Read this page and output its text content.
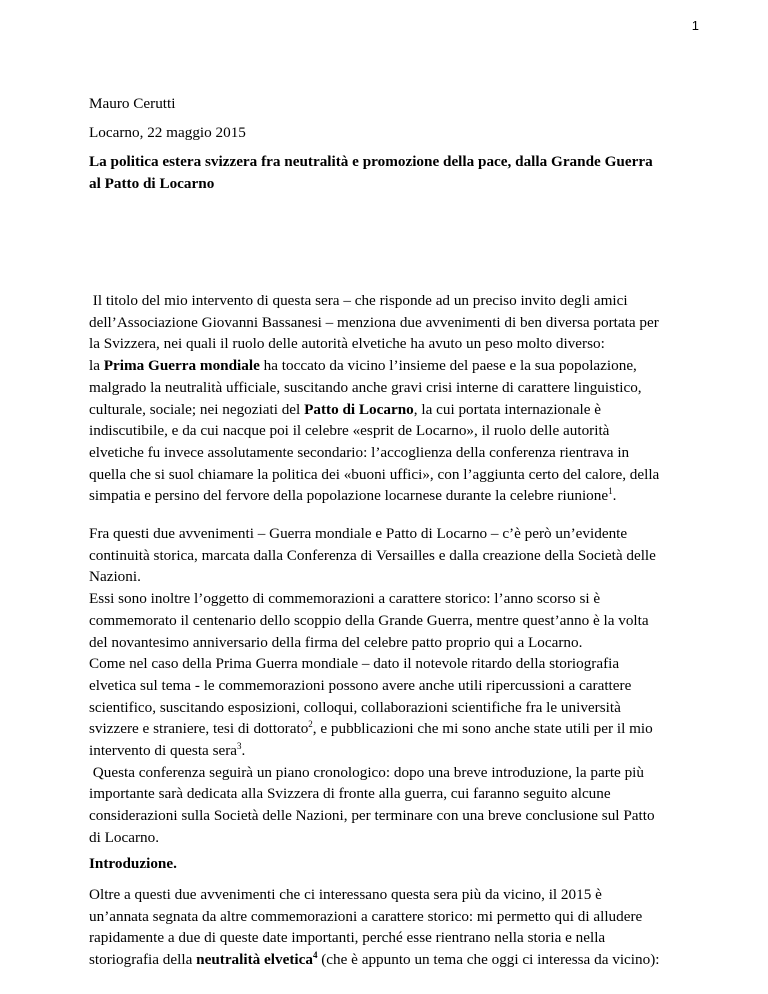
1
Mauro Cerutti
Locarno, 22 maggio 2015
La politica estera svizzera fra neutralità e promozione della pace, dalla Grande Guerra
al Patto di Locarno
Il titolo del mio intervento di questa sera – che risponde ad un preciso invito degli amici
dell’Associazione Giovanni Bassanesi – menziona due avvenimenti di ben diversa portata per
la Svizzera, nei quali il ruolo delle autorità elvetiche ha avuto un peso molto diverso:
la Prima Guerra mondiale ha toccato da vicino l’insieme del paese e la sua popolazione,
malgrado la neutralità ufficiale, suscitando anche gravi crisi interne di carattere linguistico,
culturale, sociale; nei negoziati del Patto di Locarno, la cui portata internazionale è
indiscutibile, e da cui nacque poi il celebre «esprit de Locarno», il ruolo delle autorità
elvetiche fu invece assolutamente secondario: l’accoglienza della conferenza rientrava in
quella che si suol chiamare la politica dei «buoni uffici», con l’aggiunta certo del calore, della
simpatia e persino del fervore della popolazione locarnese durante la celebre riunione$^1$.
Fra questi due avvenimenti – Guerra mondiale e Patto di Locarno – c’è però un’evidente
continuità storica, marcata dalla Conferenza di Versailles e dalla creazione della Società delle
Nazioni.
Essi sono inoltre l’oggetto di commemorazioni a carattere storico: l’anno scorso si è
commemorato il centenario dello scoppio della Grande Guerra, mentre quest’anno è la volta
del novantesimo anniversario della firma del celebre patto proprio qui a Locarno.
Come nel caso della Prima Guerra mondiale – dato il notevole ritardo della storiografia
elvetica sul tema - le commemorazioni possono avere anche utili ripercussioni a carattere
scientifico, suscitando esposizioni, colloqui, collaborazioni scientifiche fra le università
svizzere e straniere, tesi di dottorato$^2$, e pubblicazioni che mi sono anche state utili per il mio
intervento di questa sera$^3$.
Questa conferenza seguirà un piano cronologico: dopo una breve introduzione, la parte più
importante sarà dedicata alla Svizzera di fronte alla guerra, cui faranno seguito alcune
considerazioni sulla Società delle Nazioni, per terminare con una breve conclusione sul Patto
di Locarno.
Introduzione.
Oltre a questi due avvenimenti che ci interessano questa sera più da vicino, il 2015 è
un’annata segnata da altre commemorazioni a carattere storico: mi permetto qui di alludere
rapidamente a due di queste date importanti, perché esse rientrano nella storia e nella
storiografia della neutralità elvetica$^4$ (che è appunto un tema che oggi ci interessa da vicino):
